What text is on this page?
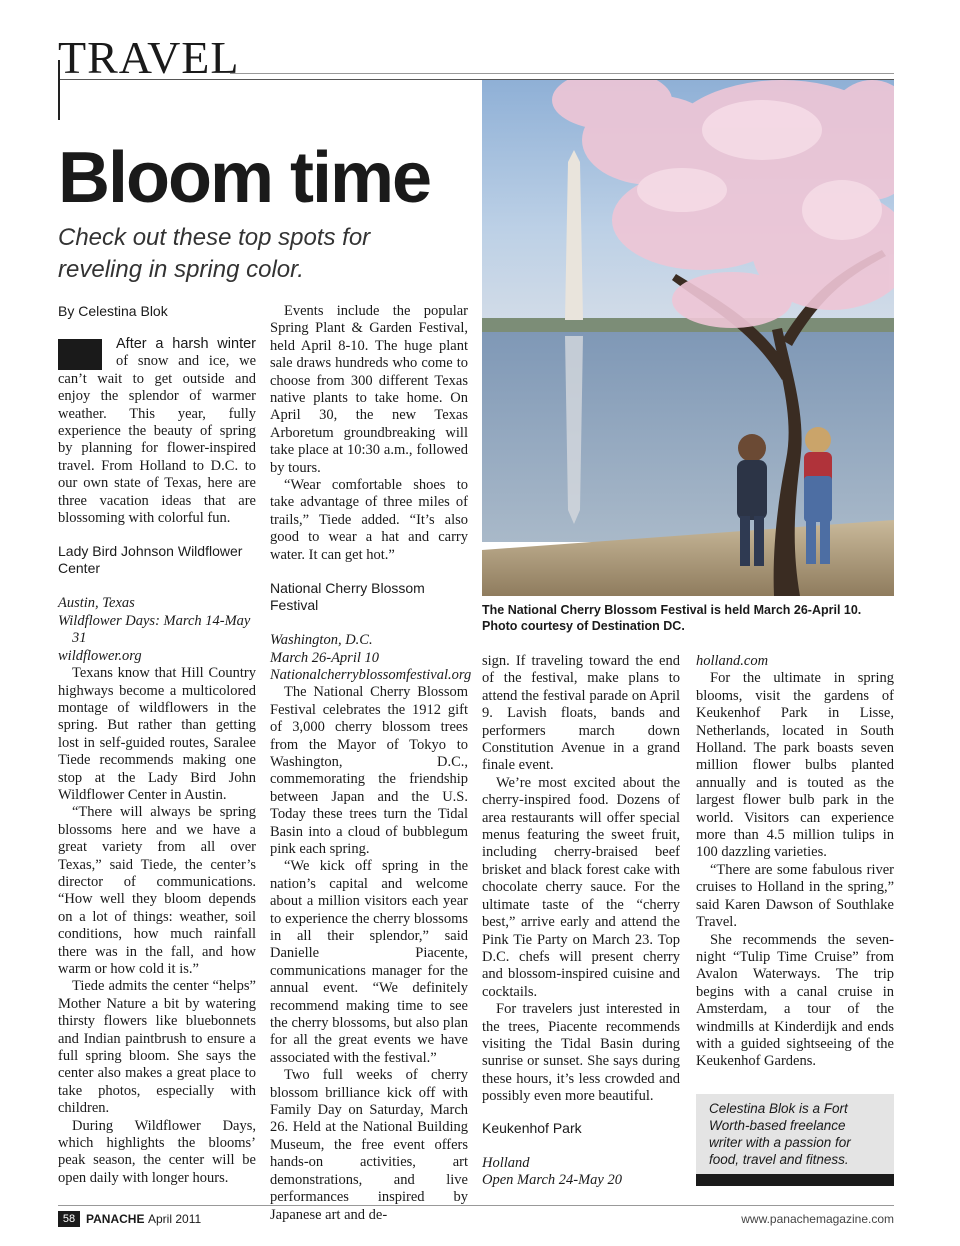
TRAVEL
Bloom time
Check out these top spots for reveling in spring color.
The National Cherry Blossom Festival is held March 26-April 10. Photo courtesy of Destination DC.
By Celestina Blok

After a harsh winter of snow and ice, we can’t wait to get outside and enjoy the splendor of warmer weather. This year, fully experience the beauty of spring by planning for flower-inspired travel. From Holland to D.C. to our own state of Texas, here are three vacation ideas that are blossoming with colorful fun.

Lady Bird Johnson Wildflower Center

Austin, Texas

Wildflower Days: March 14-May 31

wildflower.org

Texans know that Hill Country highways become a multicolored montage of wildflowers in the spring. But rather than getting lost in self-guided routes, Saralee Tiede recommends making one stop at the Lady Bird John Wildflower Center in Austin.

“There will always be spring blossoms here and we have a great variety from all over Texas,” said Tiede, the center’s director of communications. “How well they bloom depends on a lot of things: weather, soil conditions, how much rainfall there was in the fall, and how warm or how cold it is.”

Tiede admits the center “helps” Mother Nature a bit by watering thirsty flowers like bluebonnets and Indian paintbrush to ensure a full spring bloom. She says the center also makes a great place to take photos, especially with children.

During Wildflower Days, which highlights the blooms’ peak season, the center will be open daily with longer hours.

Events include the popular Spring Plant & Garden Festival, held April 8-10. The huge plant sale draws hundreds who come to choose from 300 different Texas native plants to take home. On April 30, the new Texas Arboretum groundbreaking will take place at 10:30 a.m., followed by tours.

“Wear comfortable shoes to take advantage of three miles of trails,” Tiede added. “It’s also good to wear a hat and carry water. It can get hot.”

National Cherry Blossom Festival

Washington, D.C.

March 26-April 10

Nationalcherryblossomfestival.org

The National Cherry Blossom Festival celebrates the 1912 gift of 3,000 cherry blossom trees from the Mayor of Tokyo to Washington, D.C., commemorating the friendship between Japan and the U.S. Today these trees turn the Tidal Basin into a cloud of bubblegum pink each spring.

“We kick off spring in the nation’s capital and welcome about a million visitors each year to experience the cherry blossoms in all their splendor,” said Danielle Piacente, communications manager for the annual event. “We definitely recommend making time to see the cherry blossoms, but also plan for all the great events we have associated with the festival.”

Two full weeks of cherry blossom brilliance kick off with Family Day on Saturday, March 26. Held at the National Building Museum, the free event offers hands-on activities, art demonstrations, and live performances inspired by Japanese art and de-

sign. If traveling toward the end of the festival, make plans to attend the festival parade on April 9. Lavish floats, bands and performers march down Constitution Avenue in a grand finale event.

We’re most excited about the cherry-inspired food. Dozens of area restaurants will offer special menus featuring the sweet fruit, including cherry-braised beef brisket and black forest cake with chocolate cherry sauce. For the ultimate taste of the “cherry best,” arrive early and attend the Pink Tie Party on March 23. Top D.C. chefs will present cherry and blossom-inspired cuisine and cocktails.

For travelers just interested in the trees, Piacente recommends visiting the Tidal Basin during sunrise or sunset. She says during these hours, it’s less crowded and possibly even more beautiful.

Keukenhof Park

Holland

Open March 24-May 20

holland.com

For the ultimate in spring blooms, visit the gardens of Keukenhof Park in Lisse, Netherlands, located in South Holland. The park boasts seven million flower bulbs planted annually and is touted as the largest flower bulb park in the world. Visitors can experience more than 4.5 million tulips in 100 dazzling varieties.

“There are some fabulous river cruises to Holland in the spring,” said Karen Dawson of Southlake Travel.

She recommends the seven-night “Tulip Time Cruise” from Avalon Waterways. The trip begins with a canal cruise in Amsterdam, a tour of the windmills at Kinderdijk and ends with a guided sightseeing of the Keukenhof Gardens.

Celestina Blok is a Fort Worth-based freelance writer with a passion for food, travel and fitness.
58 PANACHE April 2011	www.panachemagazine.com
